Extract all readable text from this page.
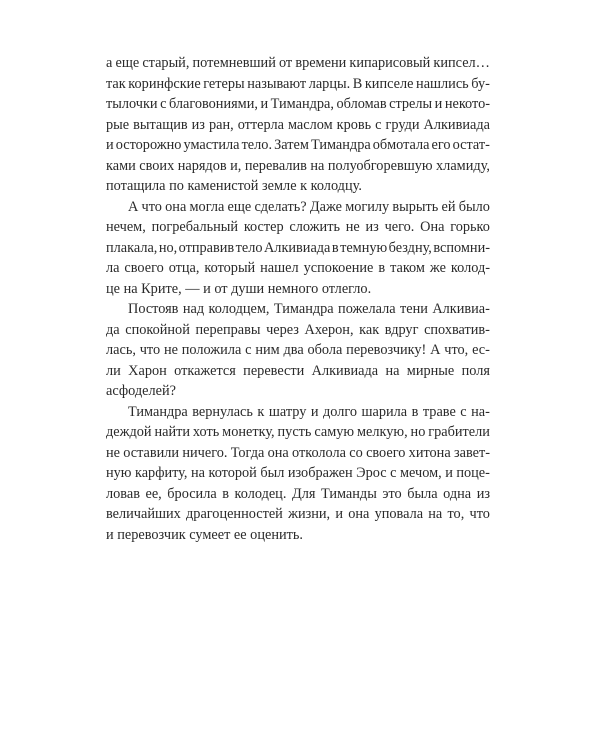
а еще старый, потемневший от времени кипарисовый кипсел…
так коринфские гетеры называют ларцы. В кипселе нашлись бу-
тылочки с благовониями, и Тимандра, обломав стрелы и некото-
рые вытащив из ран, оттерла маслом кровь с груди Алкивиада
и осторожно умастила тело. Затем Тимандра обмотала его остат-
ками своих нарядов и, перевалив на полуобгоревшую хламиду,
потащила по каменистой земле к колодцу.
А что она могла еще сделать? Даже могилу вырыть ей было
нечем, погребальный костер сложить не из чего. Она горько
плакала, но, отправив тело Алкивиада в темную бездну, вспомни-
ла своего отца, который нашел успокоение в таком же колод-
це на Крите, — и от души немного отлегло.
Постояв над колодцем, Тимандра пожелала тени Алкивиа-
да спокойной переправы через Ахерон, как вдруг спохватив-
лась, что не положила с ним два обола перевозчику! А что, ес-
ли Харон откажется перевести Алкивиада на мирные поля
асфоделей?
Тимандра вернулась к шатру и долго шарила в траве с на-
деждой найти хоть монетку, пусть самую мелкую, но грабители
не оставили ничего. Тогда она отколола со своего хитона завет-
ную карфиту, на которой был изображен Эрос с мечом, и поце-
ловав ее, бросила в колодец. Для Тиманды это была одна из
величайших драгоценностей жизни, и она уповала на то, что
и перевозчик сумеет ее оценить.
